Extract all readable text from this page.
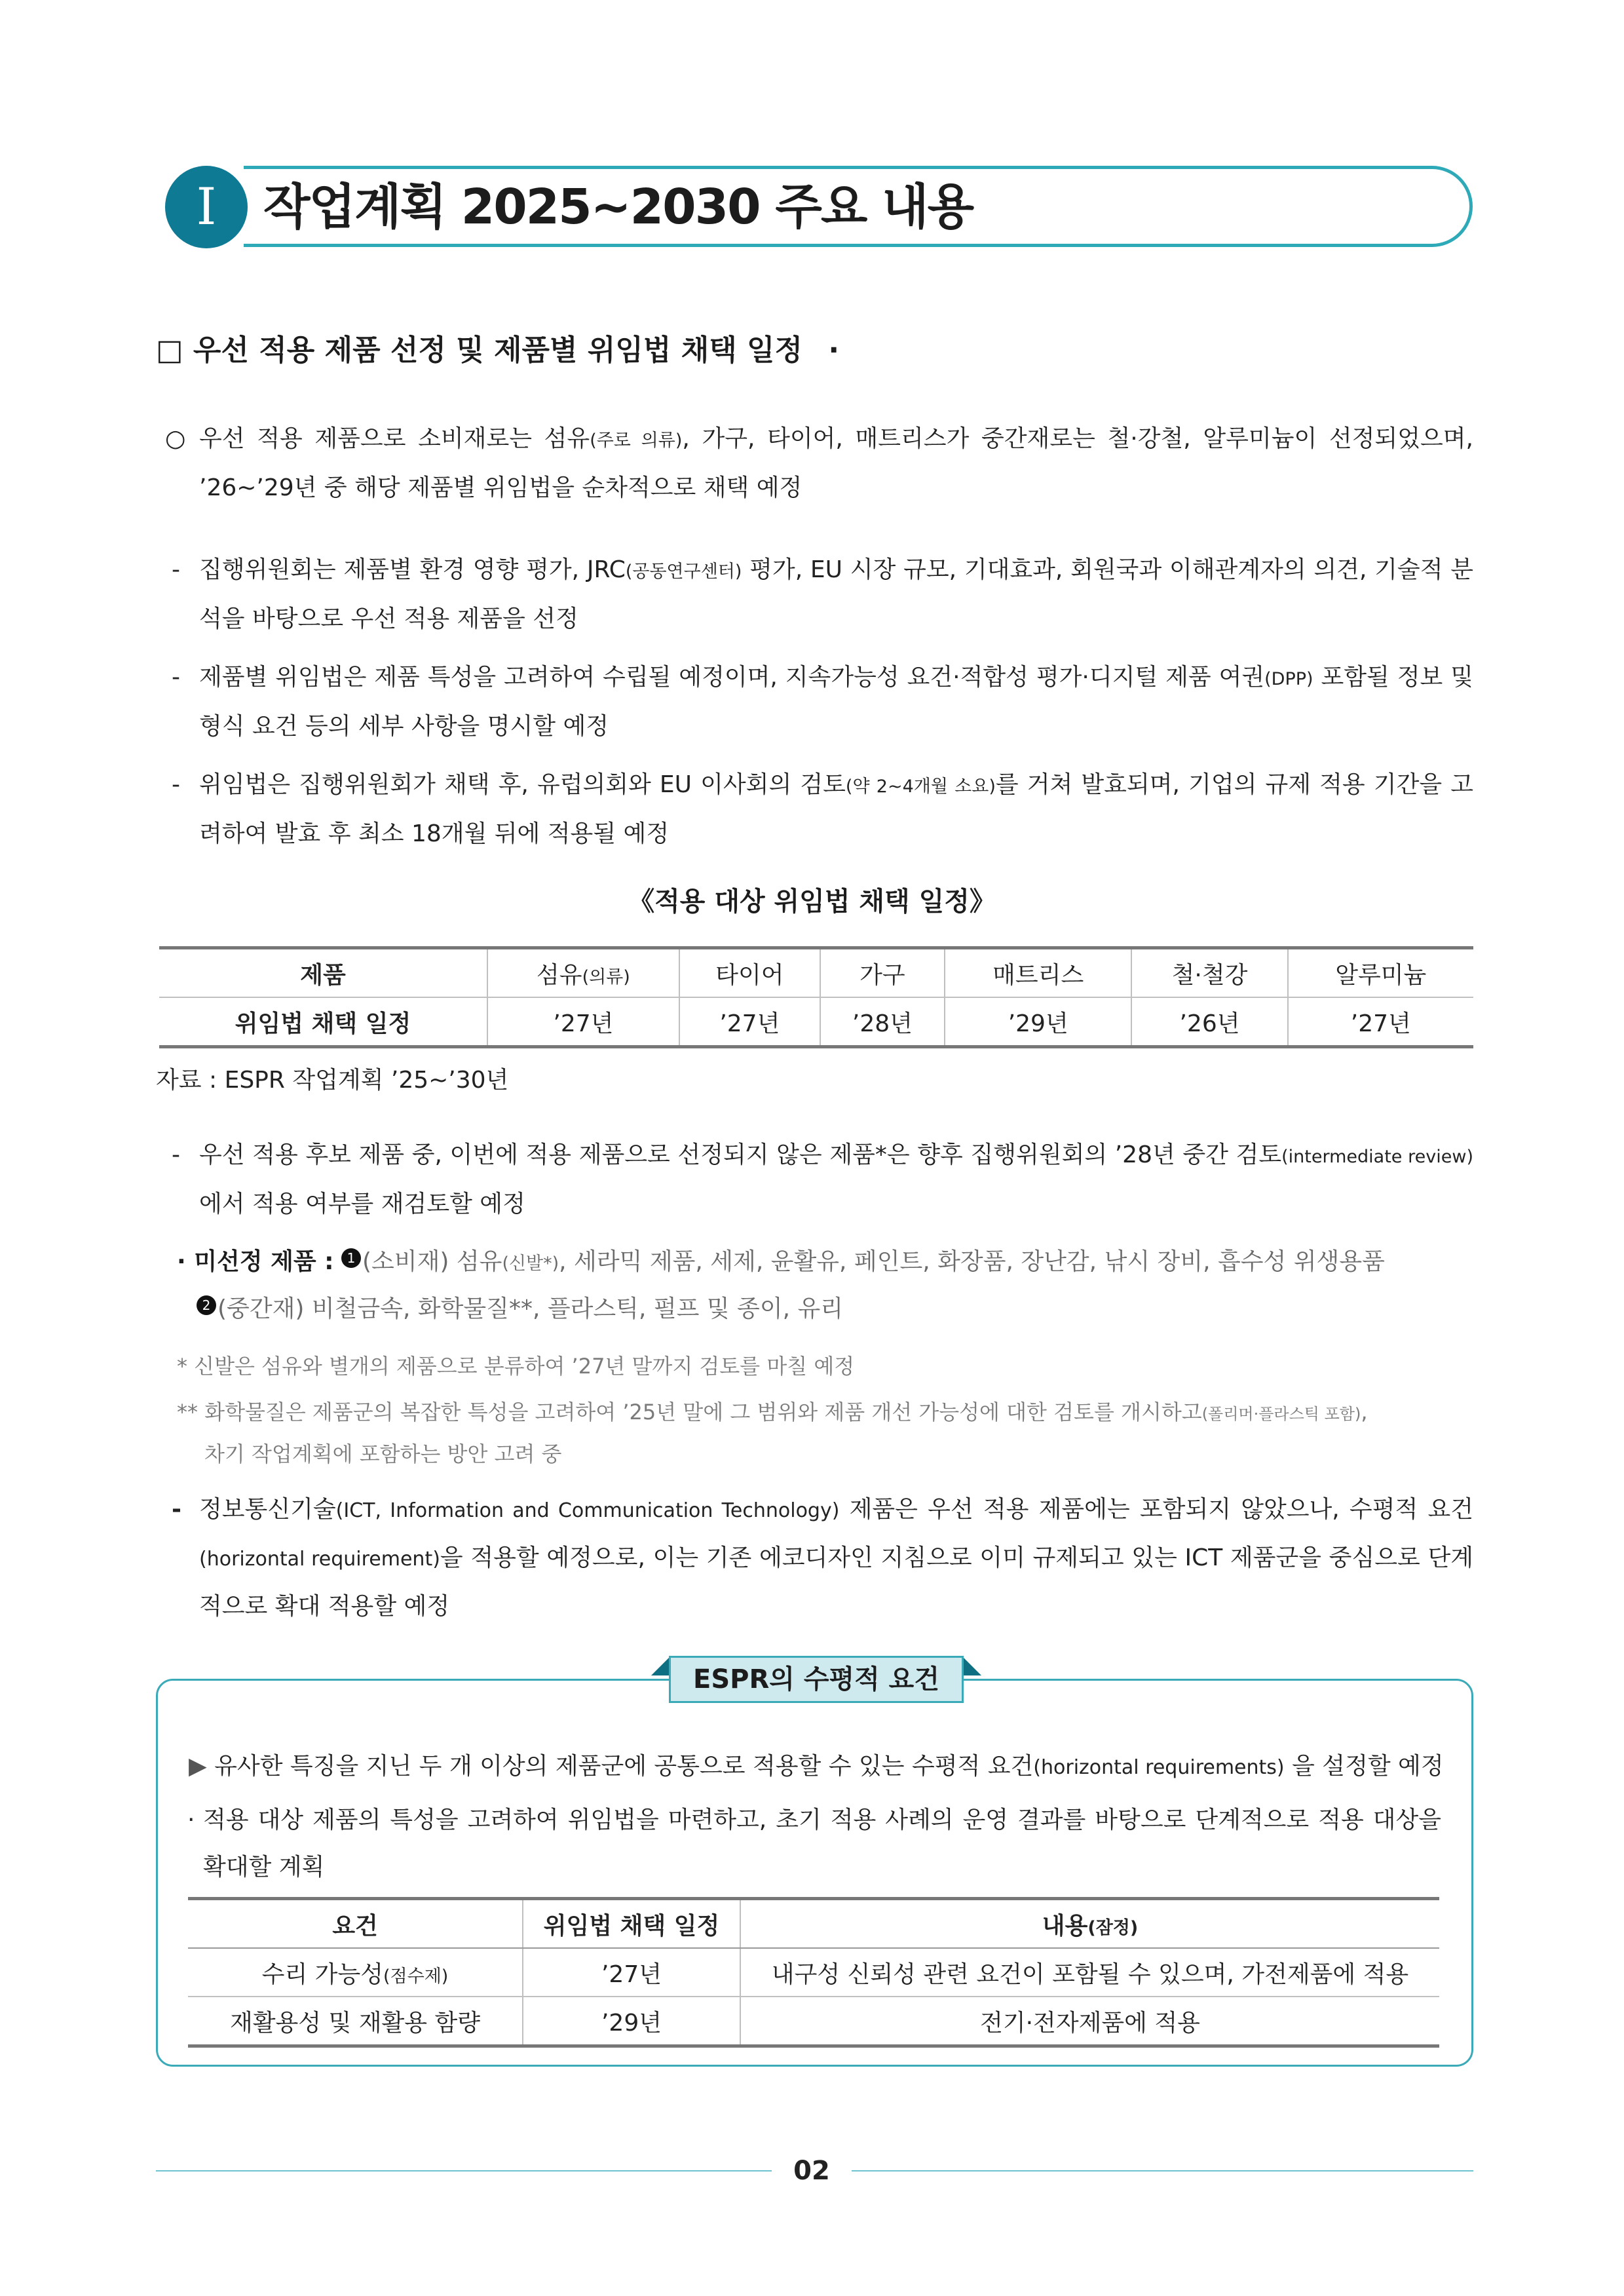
I 작업계획 2025~2030 주요 내용
□ 우선 적용 제품 선정 및 제품별 위임법 채택 일정 ·
○ 우선 적용 제품으로 소비재로는 섬유(주로 의류), 가구, 타이어, 매트리스가 중간재로는 철·강철, 알루미늄이 선정되었으며, ’26~’29년 중 해당 제품별 위임법을 순차적으로 채택 예정
- 집행위원회는 제품별 환경 영향 평가, JRC(공동연구센터) 평가, EU 시장 규모, 기대효과, 회원국과 이해관계자의 의견, 기술적 분석을 바탕으로 우선 적용 제품을 선정
- 제품별 위임법은 제품 특성을 고려하여 수립될 예정이며, 지속가능성 요건·적합성 평가·디지털 제품 여권(DPP) 포함될 정보 및 형식 요건 등의 세부 사항을 명시할 예정
- 위임법은 집행위원회가 채택 후, 유럽의회와 EU 이사회의 검토(약 2~4개월 소요)를 거쳐 발효되며, 기업의 규제 적용 기간을 고려하여 발효 후 최소 18개월 뒤에 적용될 예정
《적용 대상 위임법 채택 일정》
제품	섬유(의류)	타이어	가구	매트리스	철·철강	알루미늄
위임법 채택 일정	’27년	’27년	’28년	’29년	’26년	’27년
자료 : ESPR 작업계획 ’25~’30년
- 우선 적용 후보 제품 중, 이번에 적용 제품으로 선정되지 않은 제품*은 향후 집행위원회의 ’28년 중간 검토(intermediate review)에서 적용 여부를 재검토할 예정
· 미선정 제품 : 1 (소비재) 섬유(신발*), 세라믹 제품, 세제, 윤활유, 페인트, 화장품, 장난감, 낚시 장비, 흡수성 위생용품
2 (중간재) 비철금속, 화학물질**, 플라스틱, 펄프 및 종이, 유리
* 신발은 섬유와 별개의 제품으로 분류하여 ’27년 말까지 검토를 마칠 예정
** 화학물질은 제품군의 복잡한 특성을 고려하여 ’25년 말에 그 범위와 제품 개선 가능성에 대한 검토를 개시하고(폴리머·플라스틱 포함),
차기 작업계획에 포함하는 방안 고려 중
- 정보통신기술(ICT, Information and Communication Technology) 제품은 우선 적용 제품에는 포함되지 않았으나, 수평적 요건(horizontal requirement)을 적용할 예정으로, 이는 기존 에코디자인 지침으로 이미 규제되고 있는 ICT 제품군을 중심으로 단계적으로 확대 적용할 예정
ESPR의 수평적 요건
▶ 유사한 특징을 지닌 두 개 이상의 제품군에 공통으로 적용할 수 있는 수평적 요건(horizontal requirements) 을 설정할 예정
· 적용 대상 제품의 특성을 고려하여 위임법을 마련하고, 초기 적용 사례의 운영 결과를 바탕으로 단계적으로 적용 대상을 확대할 계획
요건	위임법 채택 일정	내용(잠정)
수리 가능성(점수제)	’27년	내구성 신뢰성 관련 요건이 포함될 수 있으며, 가전제품에 적용
재활용성 및 재활용 함량	’29년	전기·전자제품에 적용
02
